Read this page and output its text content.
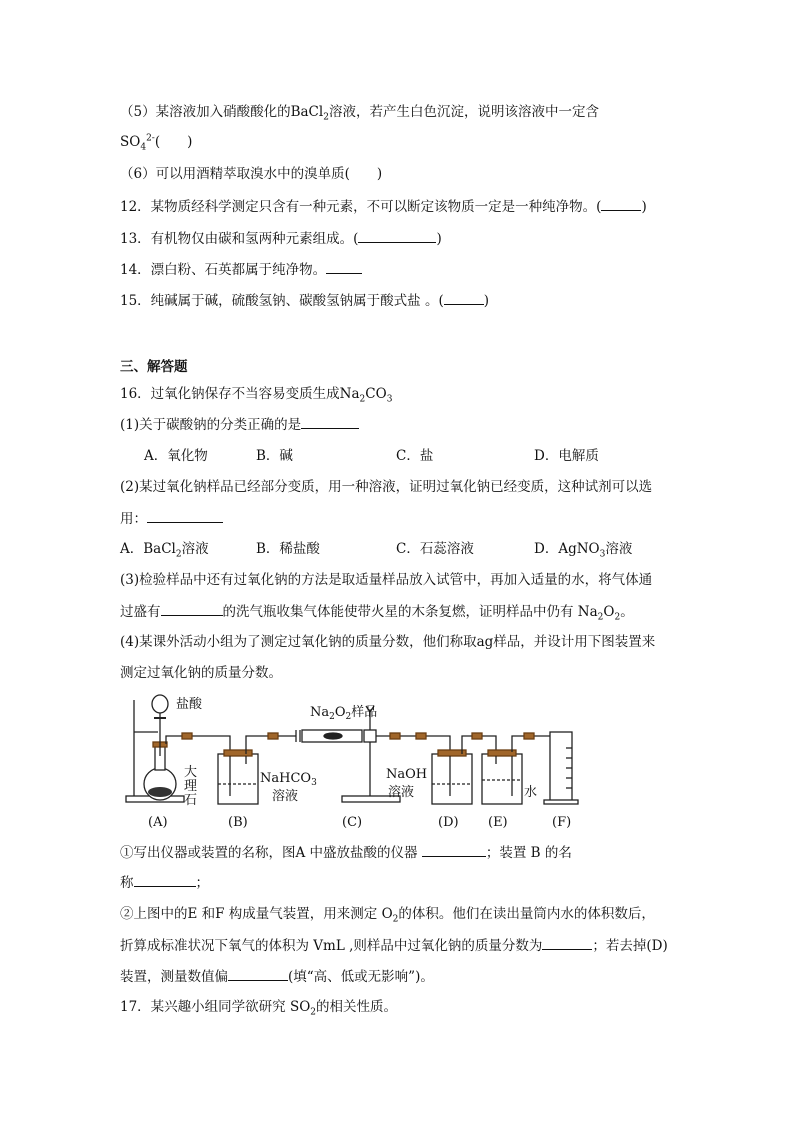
（5）某溶液加入硝酸酸化的BaCl$_2$溶液，若产生白色沉淀，说明该溶液中一定含
$SO_4^{2-}$(　　)
（6）可以用酒精萃取溴水中的溴单质(　　)
12．某物质经科学测定只含有一种元素，不可以断定该物质一定是一种纯净物。(	)
13．有机物仅由碳和氢两种元素组成。(	)
14．漂白粉、石英都属于纯净物。
15．纯碱属于碱，硫酸氢钠、碳酸氢钠属于酸式盐 。(	)
三、解答题
16．过氧化钠保存不当容易变质生成$Na_2CO_3$
(1)关于碳酸钠的分类正确的是
A．氧化物	B．碱	C．盐	D．电解质
(2)某过氧化钠样品已经部分变质，用一种溶液，证明过氧化钠已经变质，这种试剂可以选
用：
A．BaCl$_2$溶液	B．稀盐酸	C．石蕊溶液	D．AgNO$_3$溶液
(3)检验样品中还有过氧化钠的方法是取适量样品放入试管中，再加入适量的水，将气体通
过盛有	的洗气瓶收集气体能使带火星的木条复燃，证明样品中仍有 $Na_2O_2$。
(4)某课外活动小组为了测定过氧化钠的质量分数，他们称取ag样品，并设计用下图装置来
测定过氧化钠的质量分数。
盐酸
$Na_2O_2$样品
大
理
石
NaHCO$_3$
溶液
NaOH
溶液	水
(A)	(B)	(C)	(D) (E)	(F)
①写出仪器或装置的名称，图A 中盛放盐酸的仪器	；装置 B 的名
称	；
②上图中的E 和F 构成量气装置，用来测定 $O_2$的体积。他们在读出量筒内水的体积数后，
折算成标准状况下氧气的体积为 VmL ,则样品中过氧化钠的质量分数为	；若去掉(D)
装置，测量数值偏	(填“高、低或无影响”)。
17．某兴趣小组同学欲研究 $SO_2$的相关性质。
